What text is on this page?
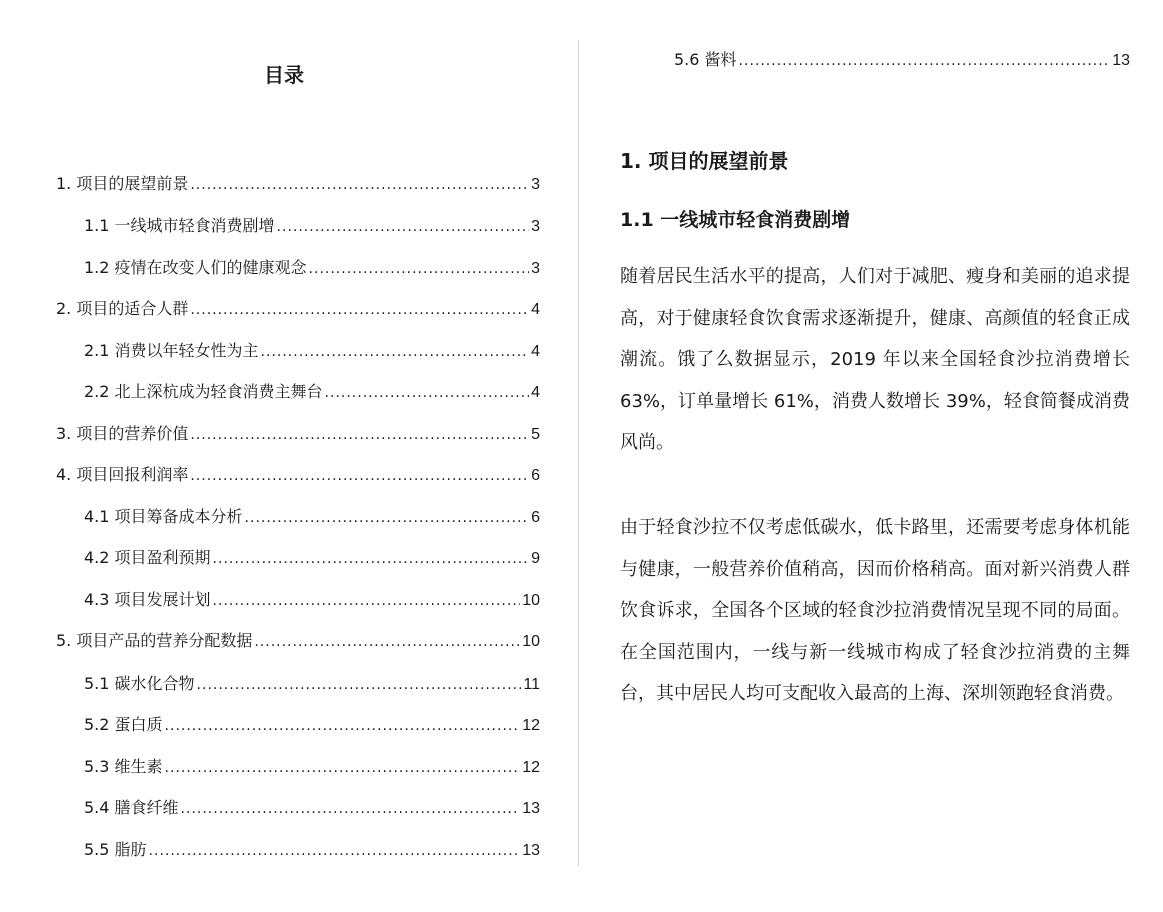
目录
1. 项目的展望前景 .....	3
1.1 一线城市轻食消费剧增 .....	3
1.2 疫情在改变人们的健康观念 .....	3
2. 项目的适合人群 .....	4
2.1 消费以年轻女性为主 .....	4
2.2 北上深杭成为轻食消费主舞台 .....	4
3. 项目的营养价值 .....	5
4. 项目回报利润率 .....	6
4.1 项目筹备成本分析 .....	6
4.2 项目盈利预期 .....	9
4.3 项目发展计划 .....	10
5. 项目产品的营养分配数据 .....	10
5.1 碳水化合物 .....	11
5.2 蛋白质 .....	12
5.3 维生素 .....	12
5.4 膳食纤维 .....	13
5.5 脂肪 .....	13
5.6 酱料 .....	13
1. 项目的展望前景
1.1 一线城市轻食消费剧增

随着居民生活水平的提高，人们对于减肥、瘦身和美丽的追求提高，对于健康轻食饮食需求逐渐提升，健康、高颜值的轻食正成潮流。饿了么数据显示，2019 年以来全国轻食沙拉消费增长 63%，订单量增长 61%，消费人数增长 39%，轻食简餐成消费风尚。

由于轻食沙拉不仅考虑低碳水，低卡路里，还需要考虑身体机能与健康，一般营养价值稍高，因而价格稍高。面对新兴消费人群饮食诉求，全国各个区域的轻食沙拉消费情况呈现不同的局面。在全国范围内，一线与新一线城市构成了轻食沙拉消费的主舞台，其中居民人均可支配收入最高的上海、深圳领跑轻食消费。
